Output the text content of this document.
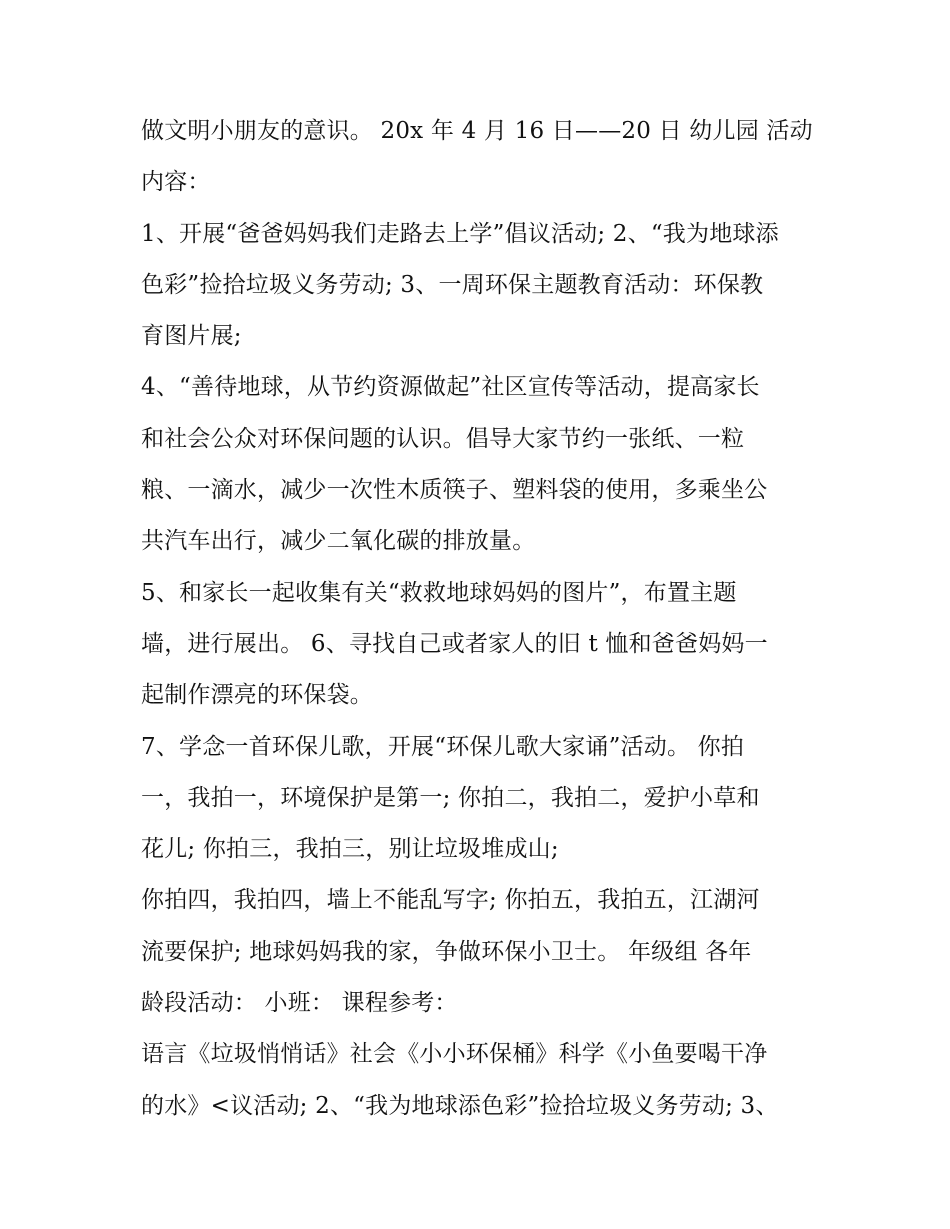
做文明小朋友的意识。 20x 年 4 月 16 日——20 日 幼儿园 活动
内容：
1、开展“爸爸妈妈我们走路去上学”倡议活动; 2、“我为地球添
色彩”捡拾垃圾义务劳动; 3、一周环保主题教育活动：环保教
育图片展;
4、“善待地球，从节约资源做起”社区宣传等活动，提高家长
和社会公众对环保问题的认识。倡导大家节约一张纸、一粒
粮、一滴水，减少一次性木质筷子、塑料袋的使用，多乘坐公
共汽车出行，减少二氧化碳的排放量。
5、和家长一起收集有关“救救地球妈妈的图片”，布置主题
墙，进行展出。 6、寻找自己或者家人的旧 t 恤和爸爸妈妈一
起制作漂亮的环保袋。
7、学念一首环保儿歌，开展“环保儿歌大家诵”活动。 你拍
一，我拍一，环境保护是第一; 你拍二，我拍二，爱护小草和
花儿; 你拍三，我拍三，别让垃圾堆成山;
你拍四，我拍四，墙上不能乱写字; 你拍五，我拍五，江湖河
流要保护; 地球妈妈我的家，争做环保小卫士。 年级组 各年
龄段活动： 小班： 课程参考：
语言《垃圾悄悄话》社会《小小环保桶》科学《小鱼要喝干净
的水》<议活动; 2、“我为地球添色彩”捡拾垃圾义务劳动; 3、
